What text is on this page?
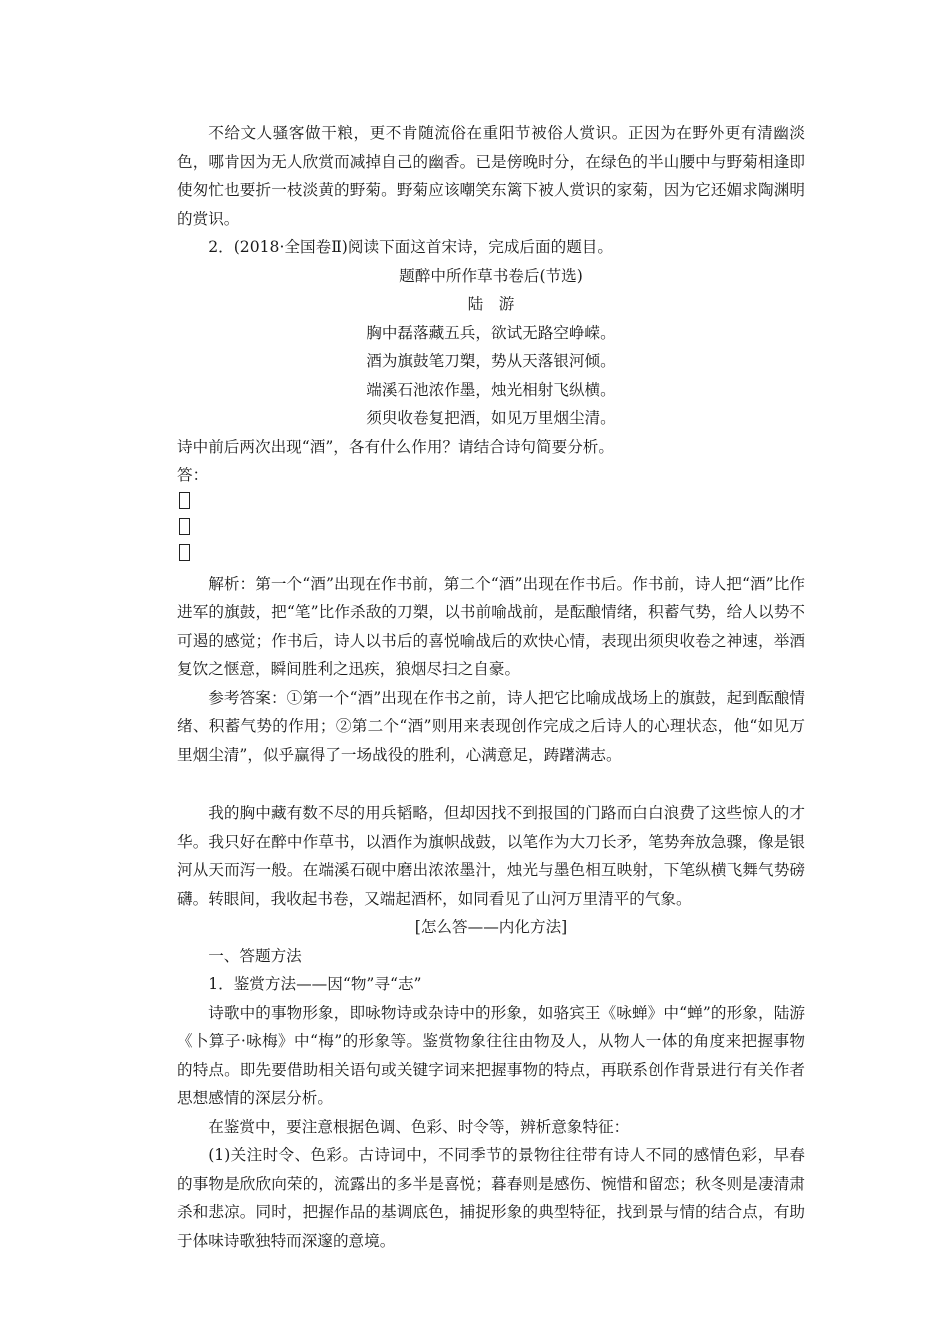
不给文人骚客做干粮，更不肯随流俗在重阳节被俗人赏识。正因为在野外更有清幽淡色，哪肯因为无人欣赏而减掉自己的幽香。已是傍晚时分，在绿色的半山腰中与野菊相逢即使匆忙也要折一枝淡黄的野菊。野菊应该嘲笑东篱下被人赏识的家菊，因为它还媚求陶渊明的赏识。

2．(2018·全国卷Ⅱ)阅读下面这首宋诗，完成后面的题目。

题醉中所作草书卷后(节选)

陆　游

胸中磊落藏五兵，欲试无路空峥嵘。

酒为旗鼓笔刀槊，势从天落银河倾。

端溪石池浓作墨，烛光相射飞纵横。

须臾收卷复把酒，如见万里烟尘清。

诗中前后两次出现“酒”，各有什么作用？请结合诗句简要分析。

答：

解析：第一个“酒”出现在作书前，第二个“酒”出现在作书后。作书前，诗人把“酒”比作进军的旗鼓，把“笔”比作杀敌的刀槊，以书前喻战前，是酝酿情绪，积蓄气势，给人以势不可遏的感觉；作书后，诗人以书后的喜悦喻战后的欢快心情，表现出须臾收卷之神速，举酒复饮之惬意，瞬间胜利之迅疾，狼烟尽扫之自豪。

参考答案：①第一个“酒”出现在作书之前，诗人把它比喻成战场上的旗鼓，起到酝酿情绪、积蓄气势的作用；②第二个“酒”则用来表现创作完成之后诗人的心理状态，他“如见万里烟尘清”，似乎赢得了一场战役的胜利，心满意足，踌躇满志。

我的胸中藏有数不尽的用兵韬略，但却因找不到报国的门路而白白浪费了这些惊人的才华。我只好在醉中作草书，以酒作为旗帜战鼓，以笔作为大刀长矛，笔势奔放急骤，像是银河从天而泻一般。在端溪石砚中磨出浓浓墨汁，烛光与墨色相互映射，下笔纵横飞舞气势磅礴。转眼间，我收起书卷，又端起酒杯，如同看见了山河万里清平的气象。

[怎么答——内化方法]

一、答题方法

1．鉴赏方法——因“物”寻“志”

诗歌中的事物形象，即咏物诗或杂诗中的形象，如骆宾王《咏蝉》中“蝉”的形象，陆游《卜算子·咏梅》中“梅”的形象等。鉴赏物象往往由物及人，从物人一体的角度来把握事物的特点。即先要借助相关语句或关键字词来把握事物的特点，再联系创作背景进行有关作者思想感情的深层分析。

在鉴赏中，要注意根据色调、色彩、时令等，辨析意象特征：

(1)关注时令、色彩。古诗词中，不同季节的景物往往带有诗人不同的感情色彩，早春的事物是欣欣向荣的，流露出的多半是喜悦；暮春则是感伤、惋惜和留恋；秋冬则是凄清肃杀和悲凉。同时，把握作品的基调底色，捕捉形象的典型特征，找到景与情的结合点，有助于体味诗歌独特而深邃的意境。
